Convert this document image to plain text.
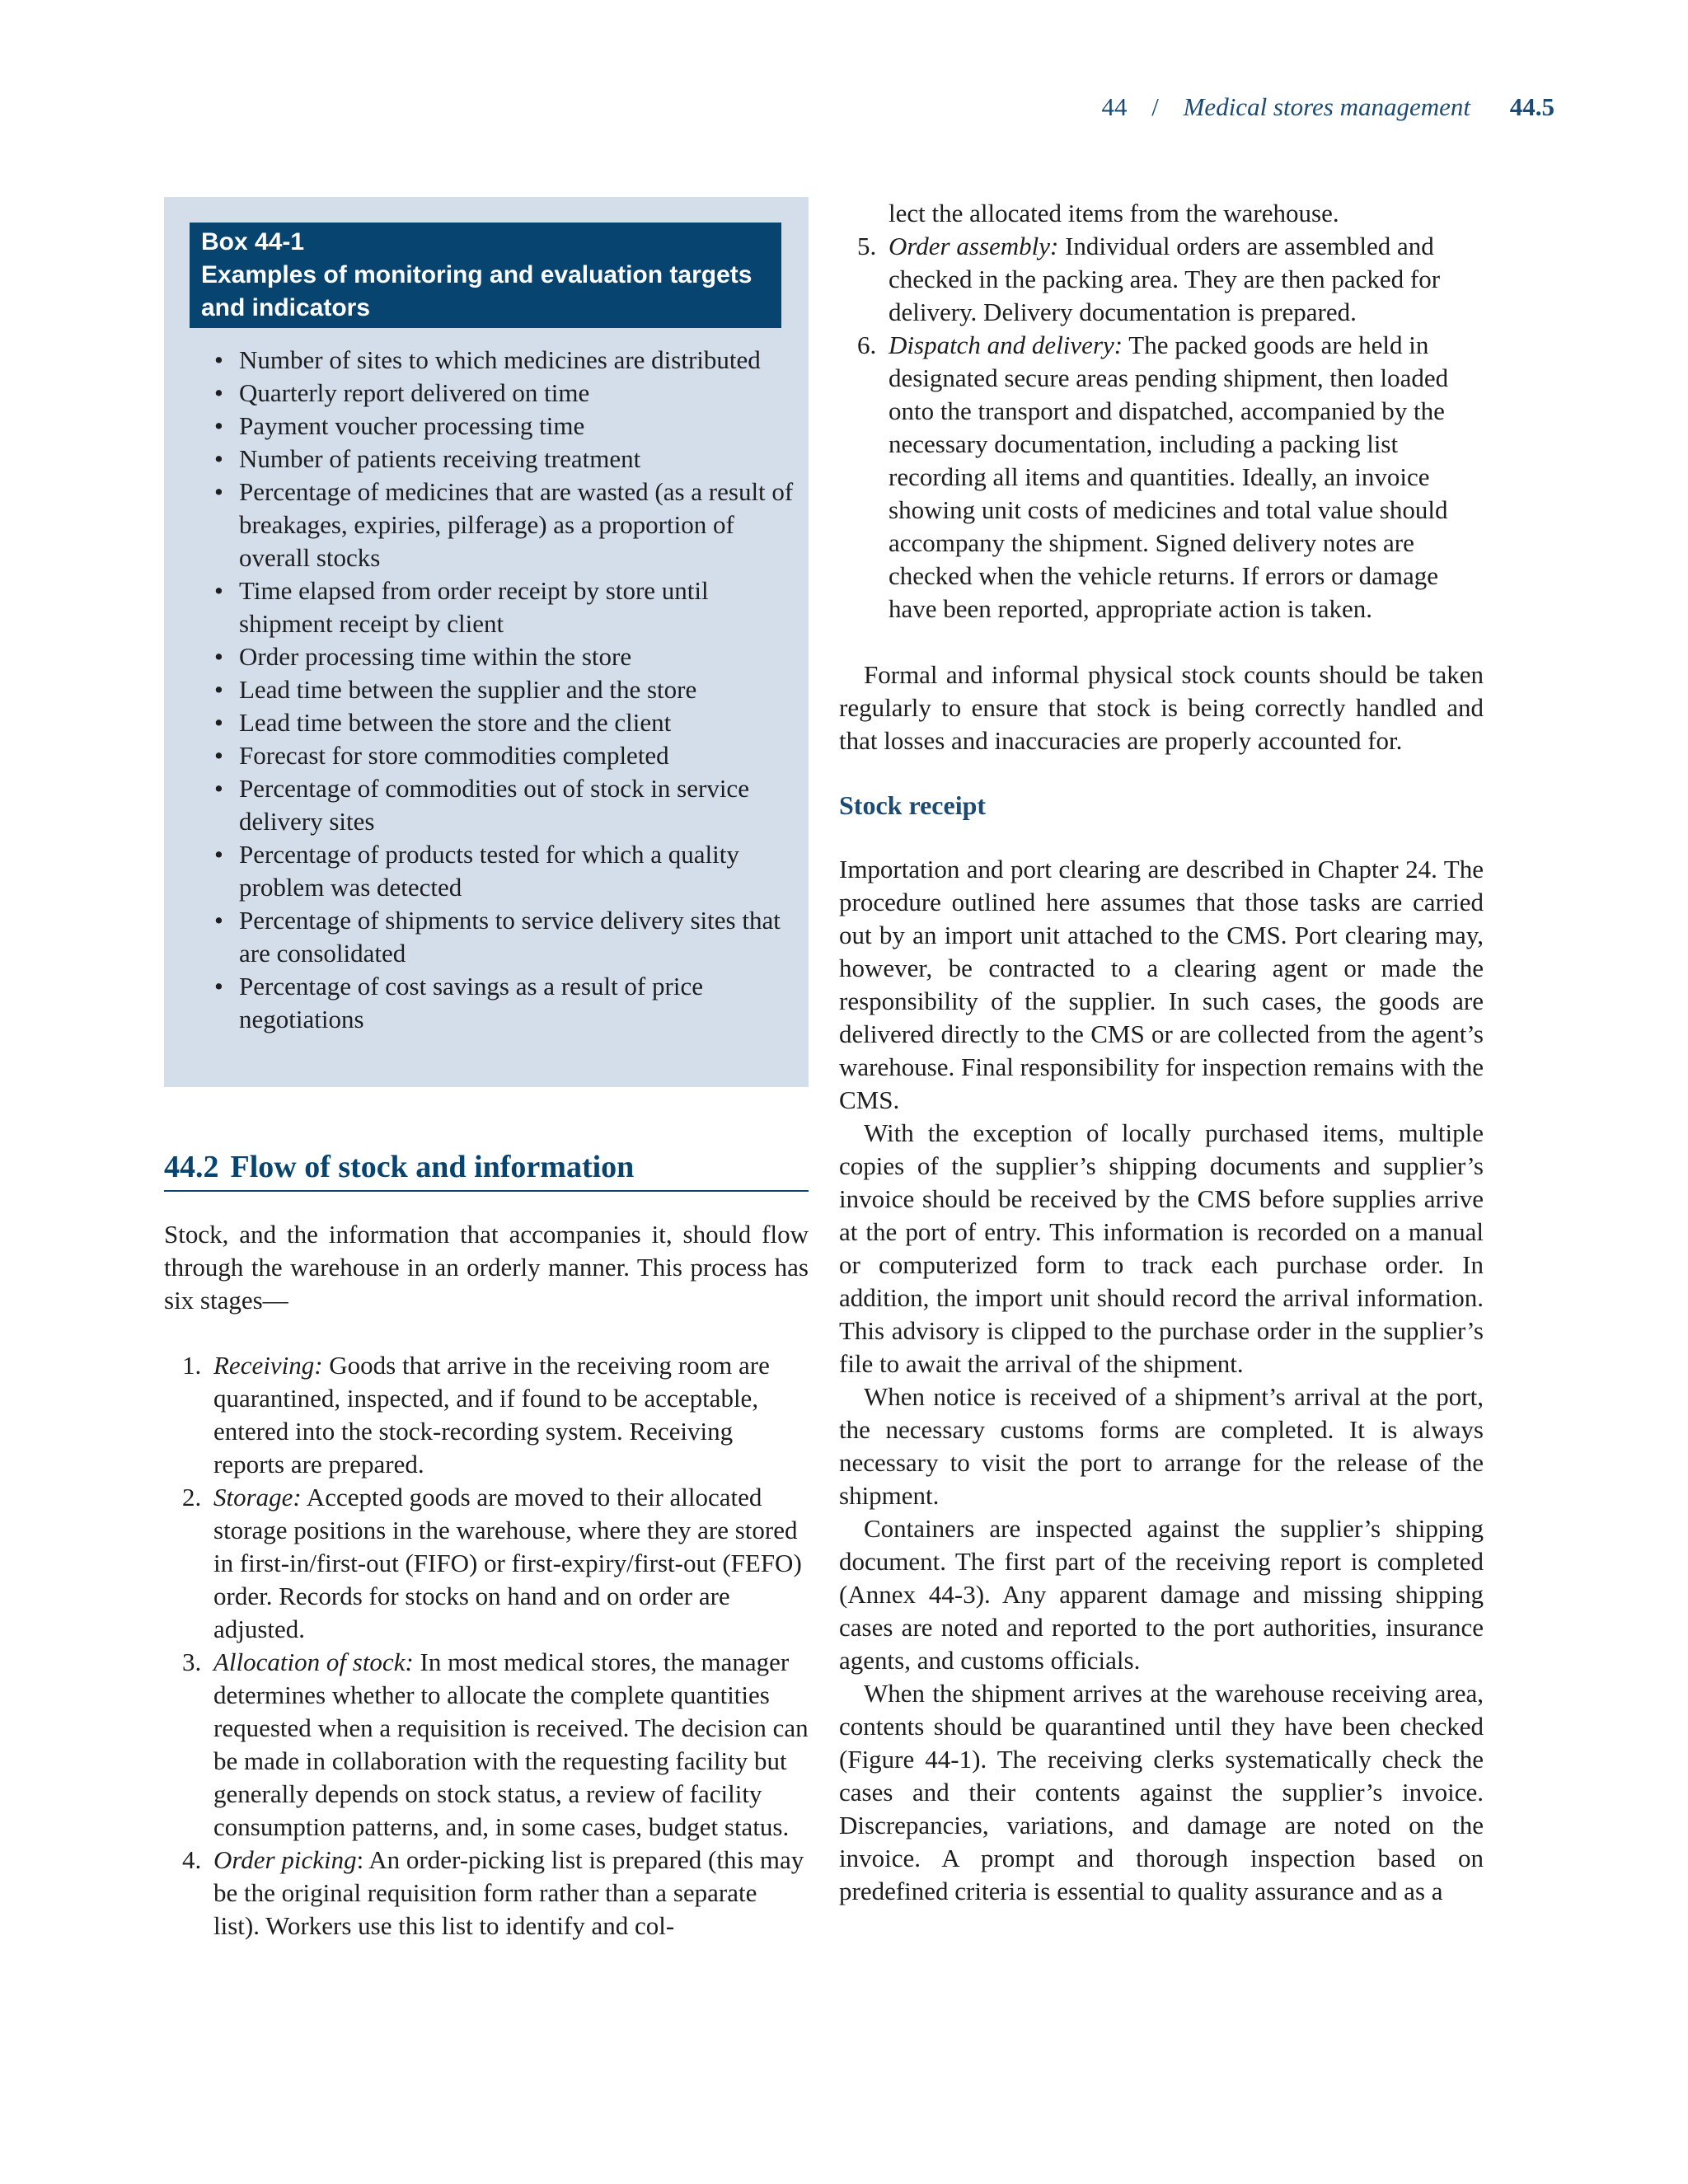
44 / Medical stores management 44.5
Box 44-1
Examples of monitoring and evaluation targets and indicators
• Number of sites to which medicines are distributed
• Quarterly report delivered on time
• Payment voucher processing time
• Number of patients receiving treatment
• Percentage of medicines that are wasted (as a result of breakages, expiries, pilferage) as a proportion of overall stocks
• Time elapsed from order receipt by store until shipment receipt by client
• Order processing time within the store
• Lead time between the supplier and the store
• Lead time between the store and the client
• Forecast for store commodities completed
• Percentage of commodities out of stock in service delivery sites
• Percentage of products tested for which a quality problem was detected
• Percentage of shipments to service delivery sites that are consolidated
• Percentage of cost savings as a result of price negotiations
44.2 Flow of stock and information

Stock, and the information that accompanies it, should flow through the warehouse in an orderly manner. This process has six stages—

1. Receiving: Goods that arrive in the receiving room are quarantined, inspected, and if found to be acceptable, entered into the stock-recording system. Receiving reports are prepared.
2. Storage: Accepted goods are moved to their allocated storage positions in the warehouse, where they are stored in first-in/first-out (FIFO) or first-expiry/first-out (FEFO) order. Records for stocks on hand and on order are adjusted.
3. Allocation of stock: In most medical stores, the manager determines whether to allocate the complete quantities requested when a requisition is received. The decision can be made in collaboration with the requesting facility but generally depends on stock status, a review of facility consumption patterns, and, in some cases, budget status.
4. Order picking: An order-picking list is prepared (this may be the original requisition form rather than a separate list). Workers use this list to identify and col-
lect the allocated items from the warehouse.
5. Order assembly: Individual orders are assembled and checked in the packing area. They are then packed for delivery. Delivery documentation is prepared.
6. Dispatch and delivery: The packed goods are held in designated secure areas pending shipment, then loaded onto the transport and dispatched, accompanied by the necessary documentation, including a packing list recording all items and quantities. Ideally, an invoice showing unit costs of medicines and total value should accompany the shipment. Signed delivery notes are checked when the vehicle returns. If errors or damage have been reported, appropriate action is taken.

Formal and informal physical stock counts should be taken regularly to ensure that stock is being correctly handled and that losses and inaccuracies are properly accounted for.

Stock receipt

Importation and port clearing are described in Chapter 24. The procedure outlined here assumes that those tasks are carried out by an import unit attached to the CMS. Port clearing may, however, be contracted to a clearing agent or made the responsibility of the supplier. In such cases, the goods are delivered directly to the CMS or are collected from the agent’s warehouse. Final responsibility for inspection remains with the CMS.

With the exception of locally purchased items, multiple copies of the supplier’s shipping documents and supplier’s invoice should be received by the CMS before supplies arrive at the port of entry. This information is recorded on a manual or computerized form to track each purchase order. In addition, the import unit should record the arrival information. This advisory is clipped to the purchase order in the supplier’s file to await the arrival of the shipment.

When notice is received of a shipment’s arrival at the port, the necessary customs forms are completed. It is always necessary to visit the port to arrange for the release of the shipment.

Containers are inspected against the supplier’s shipping document. The first part of the receiving report is completed (Annex 44-3). Any apparent damage and missing shipping cases are noted and reported to the port authorities, insurance agents, and customs officials.

When the shipment arrives at the warehouse receiving area, contents should be quarantined until they have been checked (Figure 44-1). The receiving clerks systematically check the cases and their contents against the supplier’s invoice. Discrepancies, variations, and damage are noted on the invoice. A prompt and thorough inspection based on predefined criteria is essential to quality assurance and as a
